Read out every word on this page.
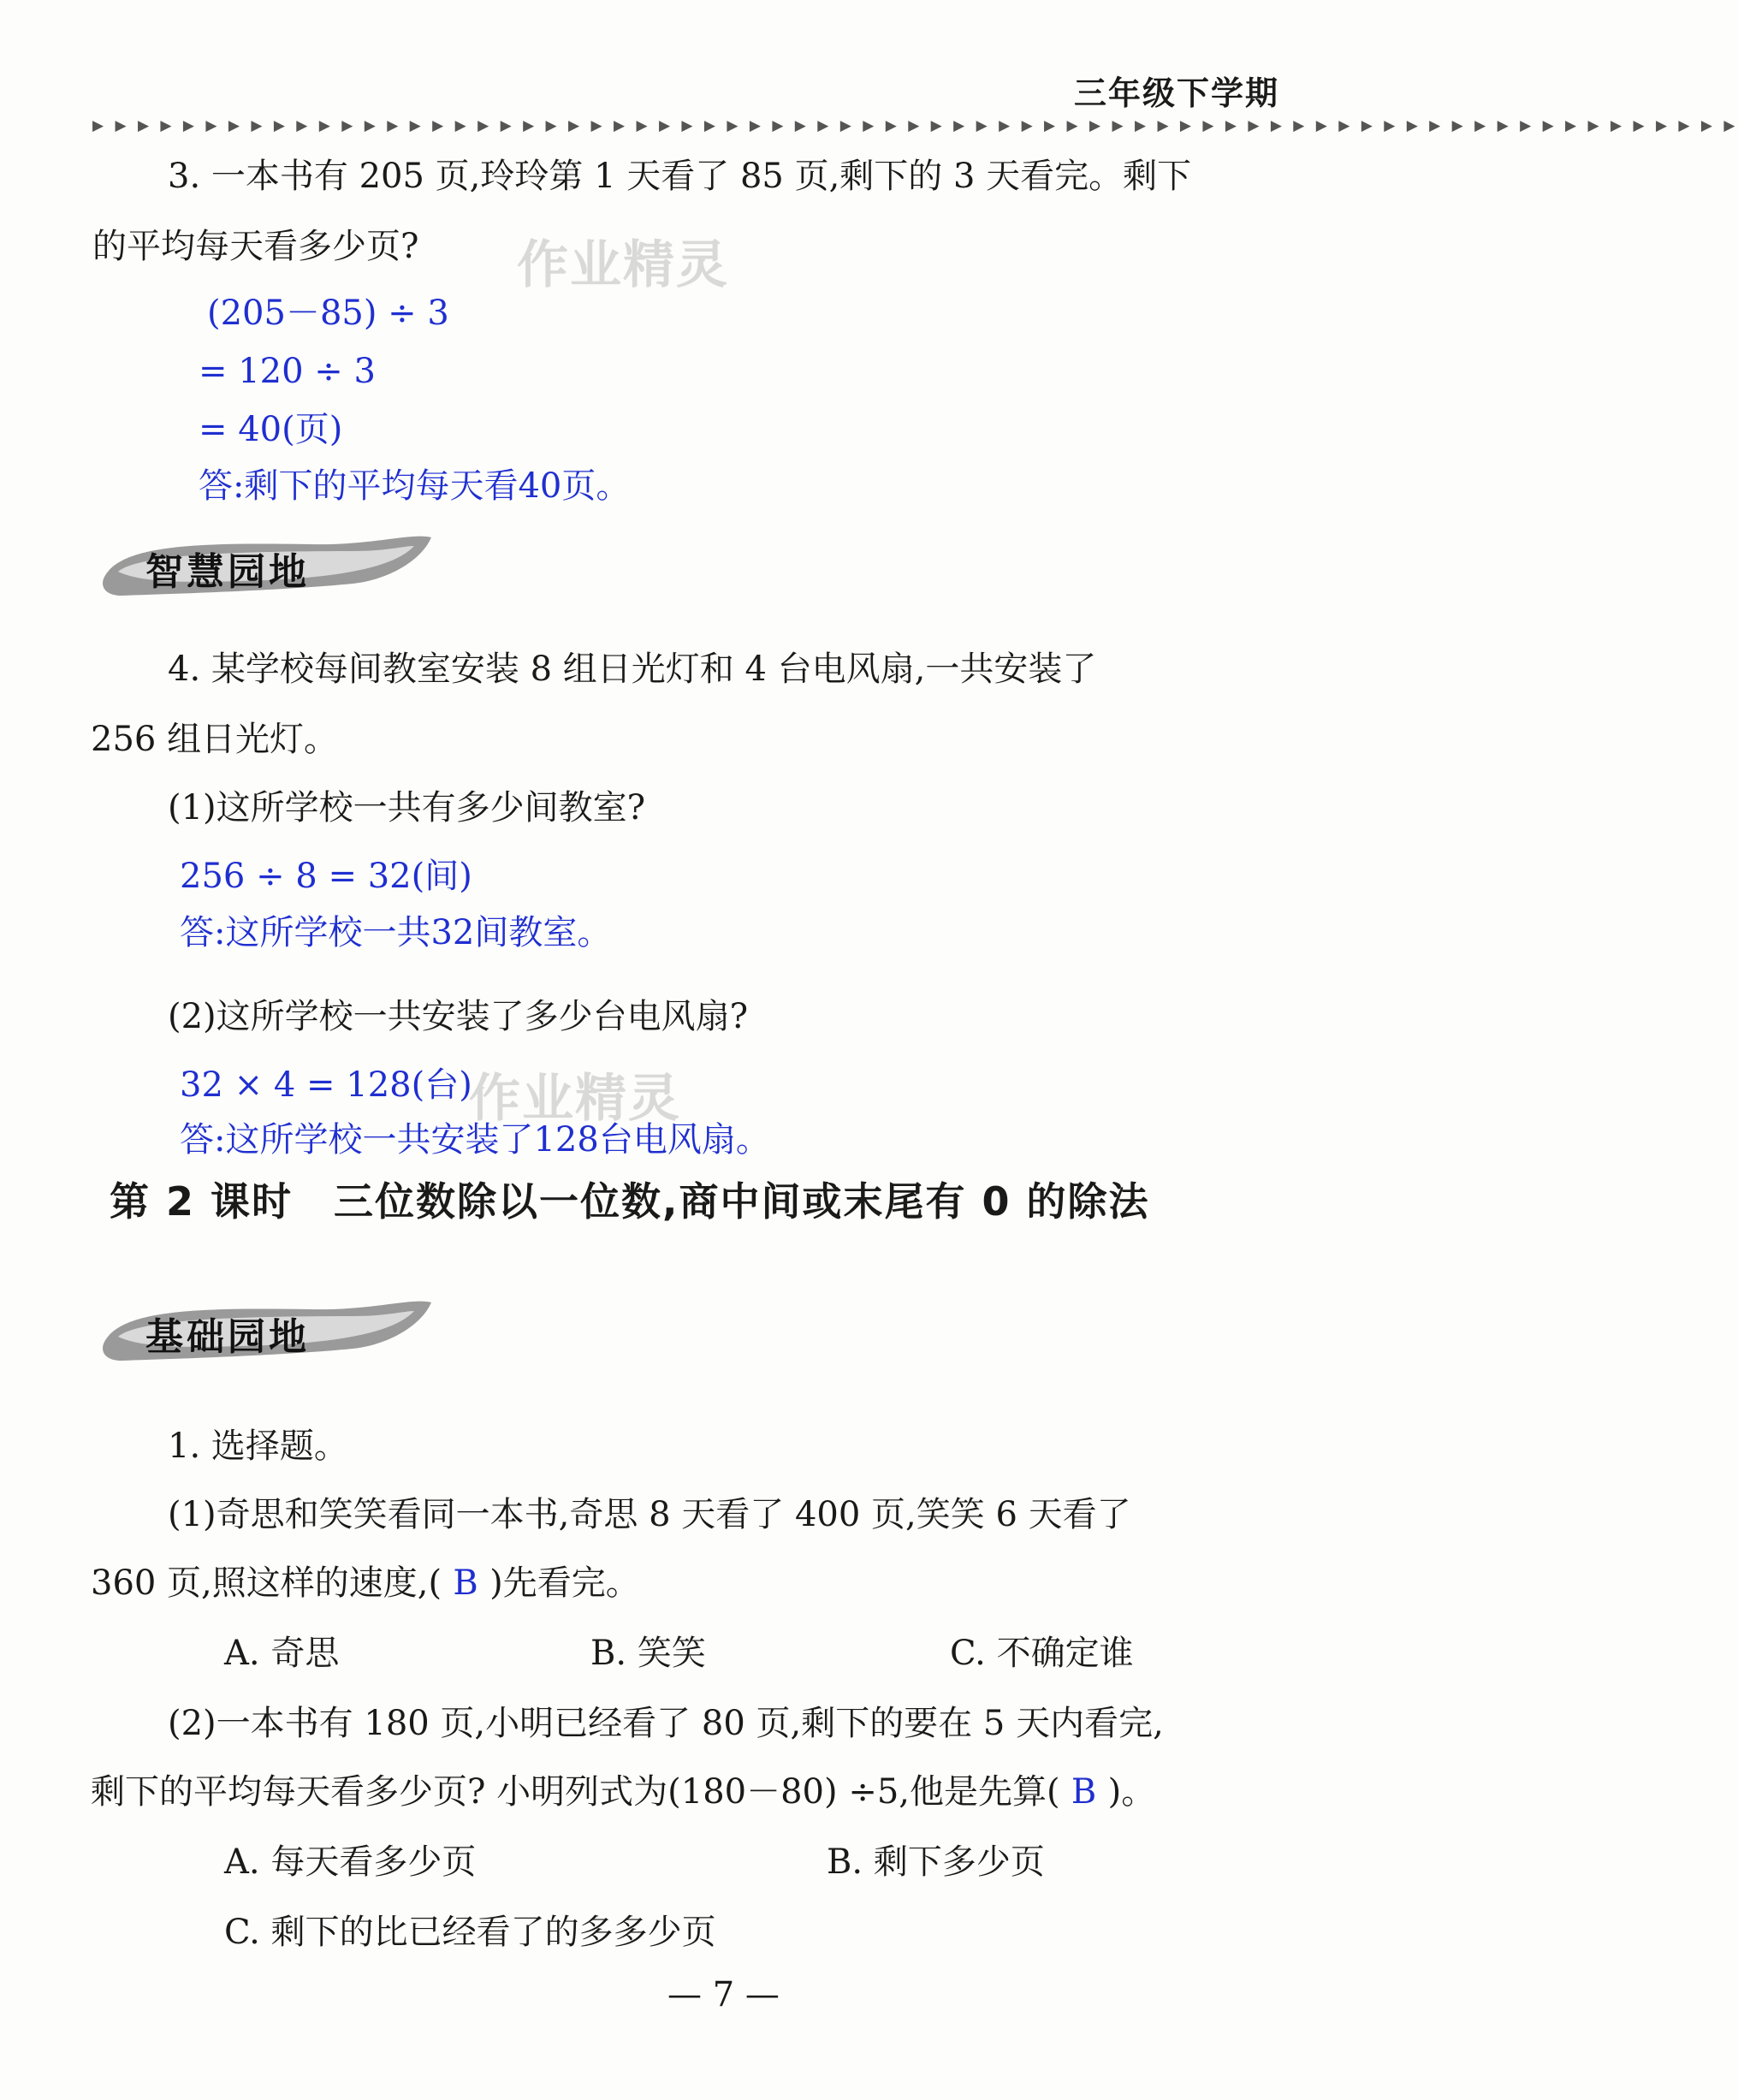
三年级下学期
▶ ▶ ▶ ▶ ▶ ▶ ▶ ▶ ▶ ▶ ▶ ▶ ▶ ▶ ▶ ▶ ▶ ▶ ▶ ▶ ▶ ▶ ▶ ▶ ▶ ▶ ▶ ▶ ▶ ▶ ▶ ▶ ▶ ▶ ▶ ▶ ▶ ▶ ▶ ▶ ▶ ▶ ▶ ▶ ▶ ▶ ▶ ▶ ▶ ▶ ▶ ▶ ▶ ▶ ▶ ▶ ▶ ▶ ▶ ▶ ▶ ▶ ▶ ▶ ▶ ▶ ▶ ▶ ▶ ▶ ▶ ▶ ▶
3. 一本书有 205 页,玲玲第 1 天看了 85 页,剩下的 3 天看完。剩下
的平均每天看多少页? 作业精灵
(205－85) ÷ 3
= 120 ÷ 3
= 40(页)
答:剩下的平均每天看40页。
智慧园地
4. 某学校每间教室安装 8 组日光灯和 4 台电风扇,一共安装了
256 组日光灯。
(1)这所学校一共有多少间教室?
256 ÷ 8 = 32(间)
答:这所学校一共32间教室。
(2)这所学校一共安装了多少台电风扇?
32 × 4 = 128(台)
作业精灵
答:这所学校一共安装了128台电风扇。
第 2 课时　三位数除以一位数,商中间或末尾有 0 的除法
基础园地
1. 选择题。
(1)奇思和笑笑看同一本书,奇思 8 天看了 400 页,笑笑 6 天看了
360 页,照这样的速度,( B )先看完。
A. 奇思	B. 笑笑	C. 不确定谁
(2)一本书有 180 页,小明已经看了 80 页,剩下的要在 5 天内看完,
剩下的平均每天看多少页? 小明列式为(180－80) ÷5,他是先算( B )。
A. 每天看多少页	B. 剩下多少页
C. 剩下的比已经看了的多多少页
— 7 —
